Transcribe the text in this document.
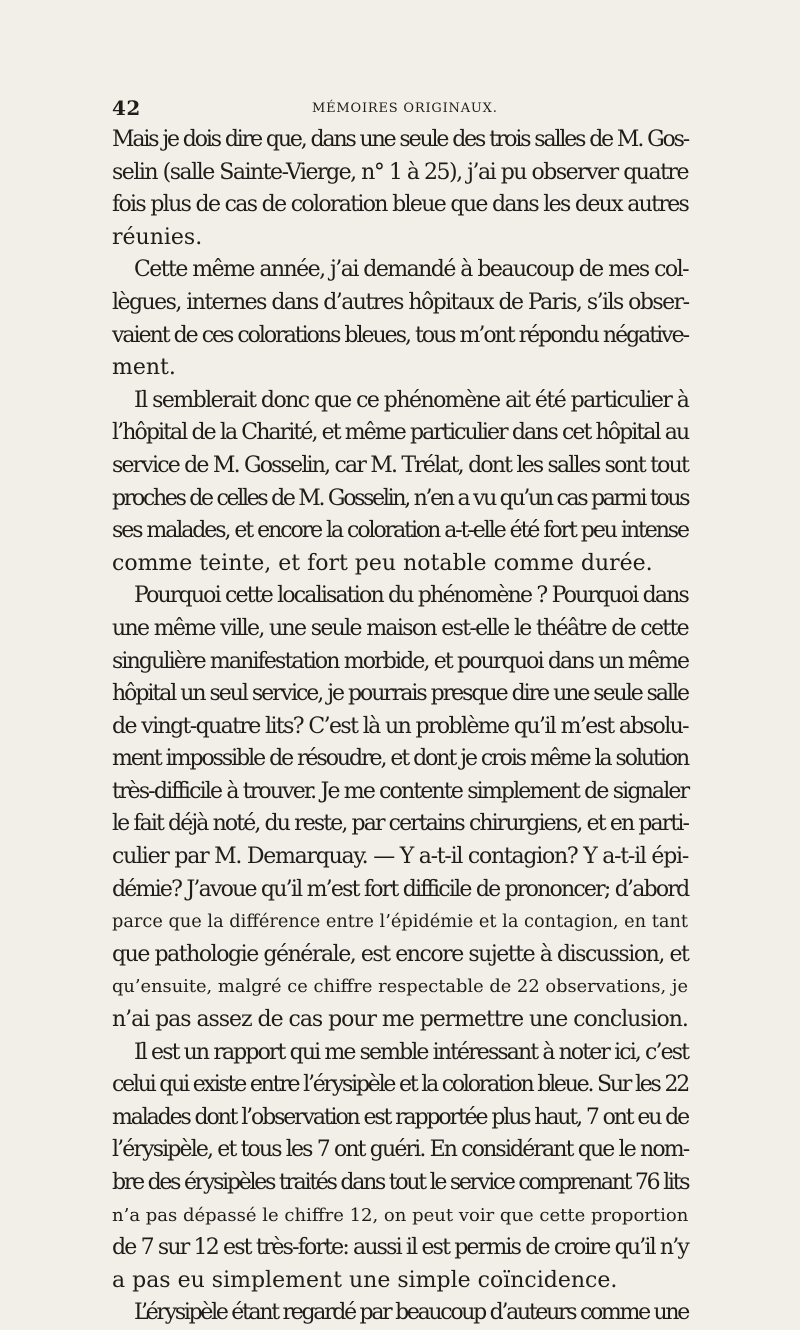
42	MÉMOIRES ORIGINAUX.
Mais je dois dire que, dans une seule des trois salles de M. Gos-
selin (salle Sainte-Vierge, n° 1 à 25), j’ai pu observer quatre
fois plus de cas de coloration bleue que dans les deux autres
réunies.
Cette même année, j’ai demandé à beaucoup de mes col-
lègues, internes dans d’autres hôpitaux de Paris, s’ils obser-
vaient de ces colorations bleues, tous m’ont répondu négative-
ment.
Il semblerait donc que ce phénomène ait été particulier à
l’hôpital de la Charité, et même particulier dans cet hôpital au
service de M. Gosselin, car M. Trélat, dont les salles sont tout
proches de celles de M. Gosselin, n’en a vu qu’un cas parmi tous
ses malades, et encore la coloration a-t-elle été fort peu intense
comme teinte, et fort peu notable comme durée.
Pourquoi cette localisation du phénomène ? Pourquoi dans
une même ville, une seule maison est-elle le théâtre de cette
singulière manifestation morbide, et pourquoi dans un même
hôpital un seul service, je pourrais presque dire une seule salle
de vingt-quatre lits? C’est là un problème qu’il m’est absolu-
ment impossible de résoudre, et dont je crois même la solution
très-difficile à trouver. Je me contente simplement de signaler
le fait déjà noté, du reste, par certains chirurgiens, et en parti-
culier par M. Demarquay. — Y a-t-il contagion? Y a-t-il épi-
démie? J’avoue qu’il m’est fort difficile de prononcer; d’abord
parce que la différence entre l’épidémie et la contagion, en tant
que pathologie générale, est encore sujette à discussion, et
qu’ensuite, malgré ce chiffre respectable de 22 observations, je
n’ai pas assez de cas pour me permettre une conclusion.
Il est un rapport qui me semble intéressant à noter ici, c’est
celui qui existe entre l’érysipèle et la coloration bleue. Sur les 22
malades dont l’observation est rapportée plus haut, 7 ont eu de
l’érysipèle, et tous les 7 ont guéri. En considérant que le nom-
bre des érysipèles traités dans tout le service comprenant 76 lits
n’a pas dépassé le chiffre 12, on peut voir que cette proportion
de 7 sur 12 est très-forte: aussi il est permis de croire qu’il n’y
a pas eu simplement une simple coïncidence.
L’érysipèle étant regardé par beaucoup d’auteurs comme une
